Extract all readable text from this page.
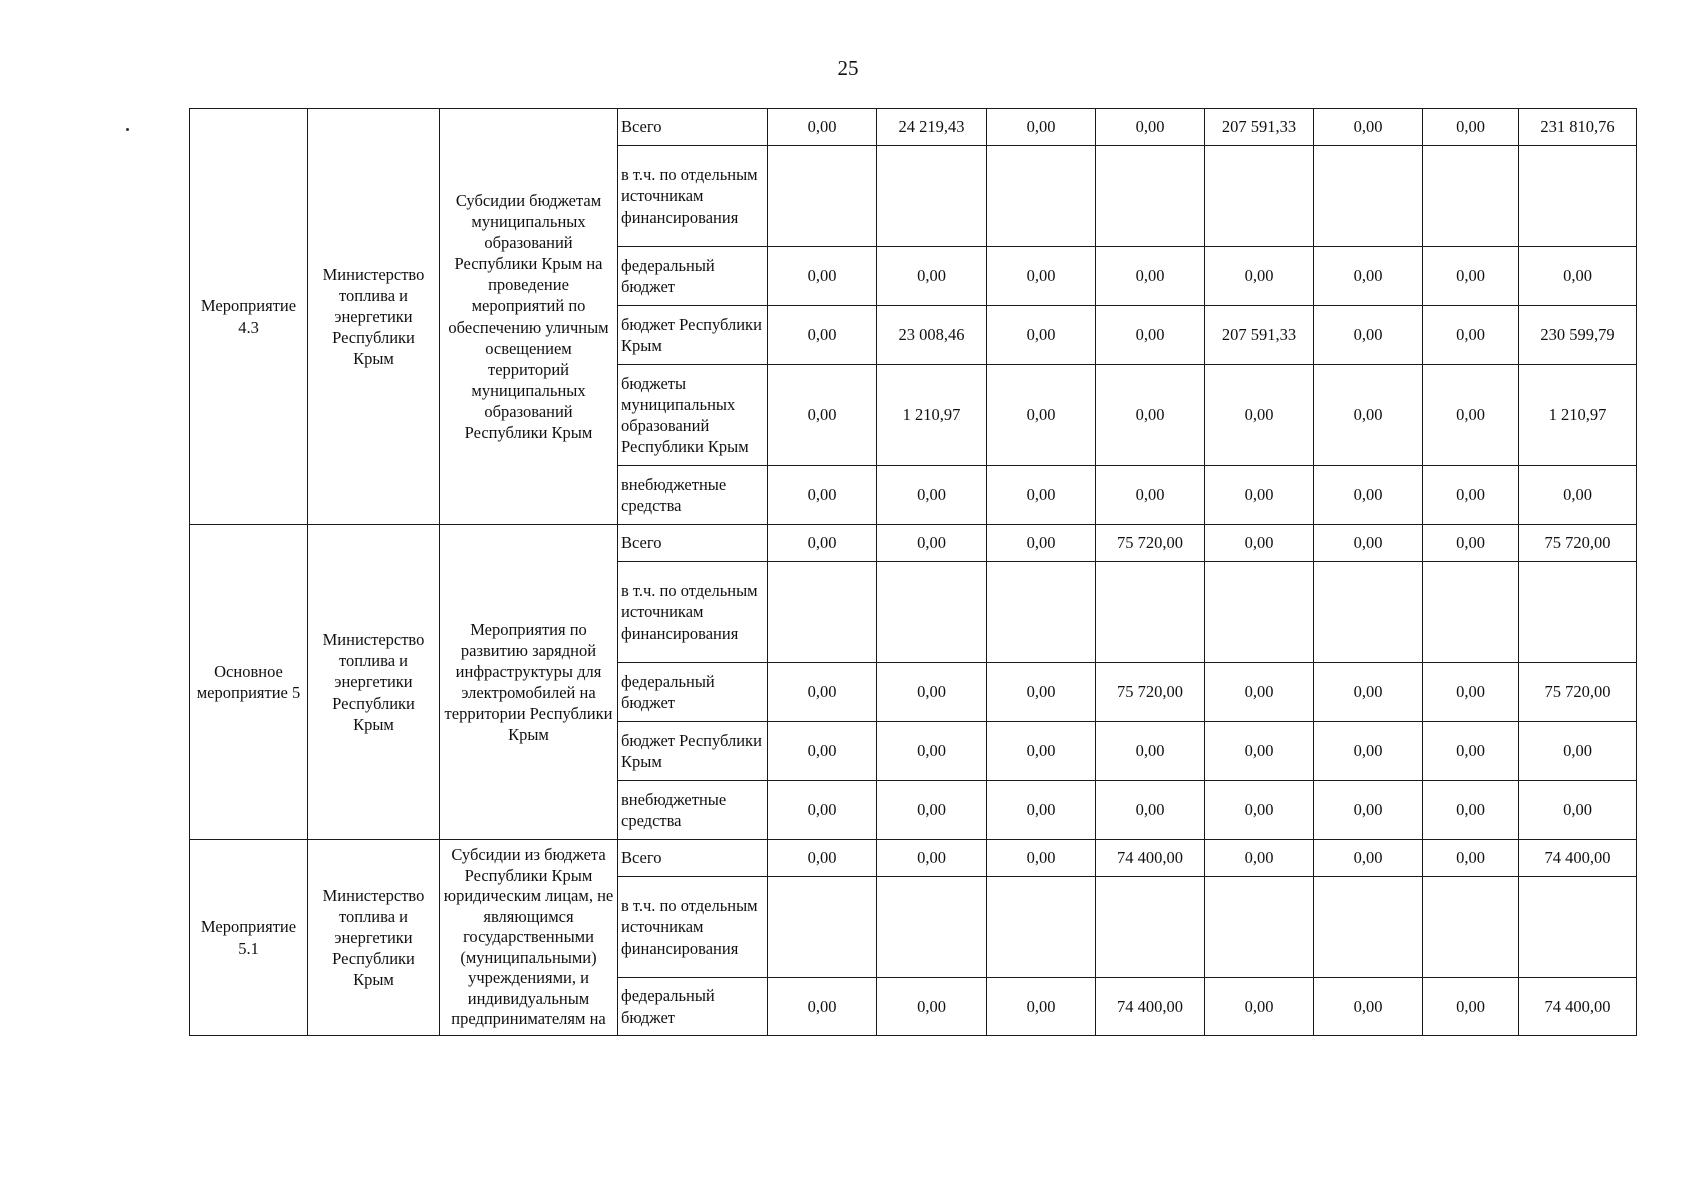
25
Мероприятие 4.3	Министерство топлива и энергетики Республики Крым	Субсидии бюджетам муниципальных образований Республики Крым на проведение мероприятий по обеспечению уличным освещением территорий муниципальных образований Республики Крым	Всего	0,00	24 219,43	0,00	0,00	207 591,33	0,00	0,00	231 810,76
			в т.ч. по отдельным источникам финансирования								
			федеральный бюджет	0,00	0,00	0,00	0,00	0,00	0,00	0,00	0,00
			бюджет Республики Крым	0,00	23 008,46	0,00	0,00	207 591,33	0,00	0,00	230 599,79
			бюджеты муниципальных образований Республики Крым	0,00	1 210,97	0,00	0,00	0,00	0,00	0,00	1 210,97
			внебюджетные средства	0,00	0,00	0,00	0,00	0,00	0,00	0,00	0,00
Основное мероприятие 5	Министерство топлива и энергетики Республики Крым	Мероприятия по развитию зарядной инфраструктуры для электромобилей на территории Республики Крым	Всего	0,00	0,00	0,00	75 720,00	0,00	0,00	0,00	75 720,00
			в т.ч. по отдельным источникам финансирования								
			федеральный бюджет	0,00	0,00	0,00	75 720,00	0,00	0,00	0,00	75 720,00
			бюджет Республики Крым	0,00	0,00	0,00	0,00	0,00	0,00	0,00	0,00
			внебюджетные средства	0,00	0,00	0,00	0,00	0,00	0,00	0,00	0,00
Мероприятие 5.1	Министерство топлива и энергетики Республики Крым	Субсидии из бюджета Республики Крым юридическим лицам, не являющимся государственными (муниципальными) учреждениями, и индивидуальным предпринимателям на	Всего	0,00	0,00	0,00	74 400,00	0,00	0,00	0,00	74 400,00
			в т.ч. по отдельным источникам финансирования								
			федеральный бюджет	0,00	0,00	0,00	74 400,00	0,00	0,00	0,00	74 400,00
